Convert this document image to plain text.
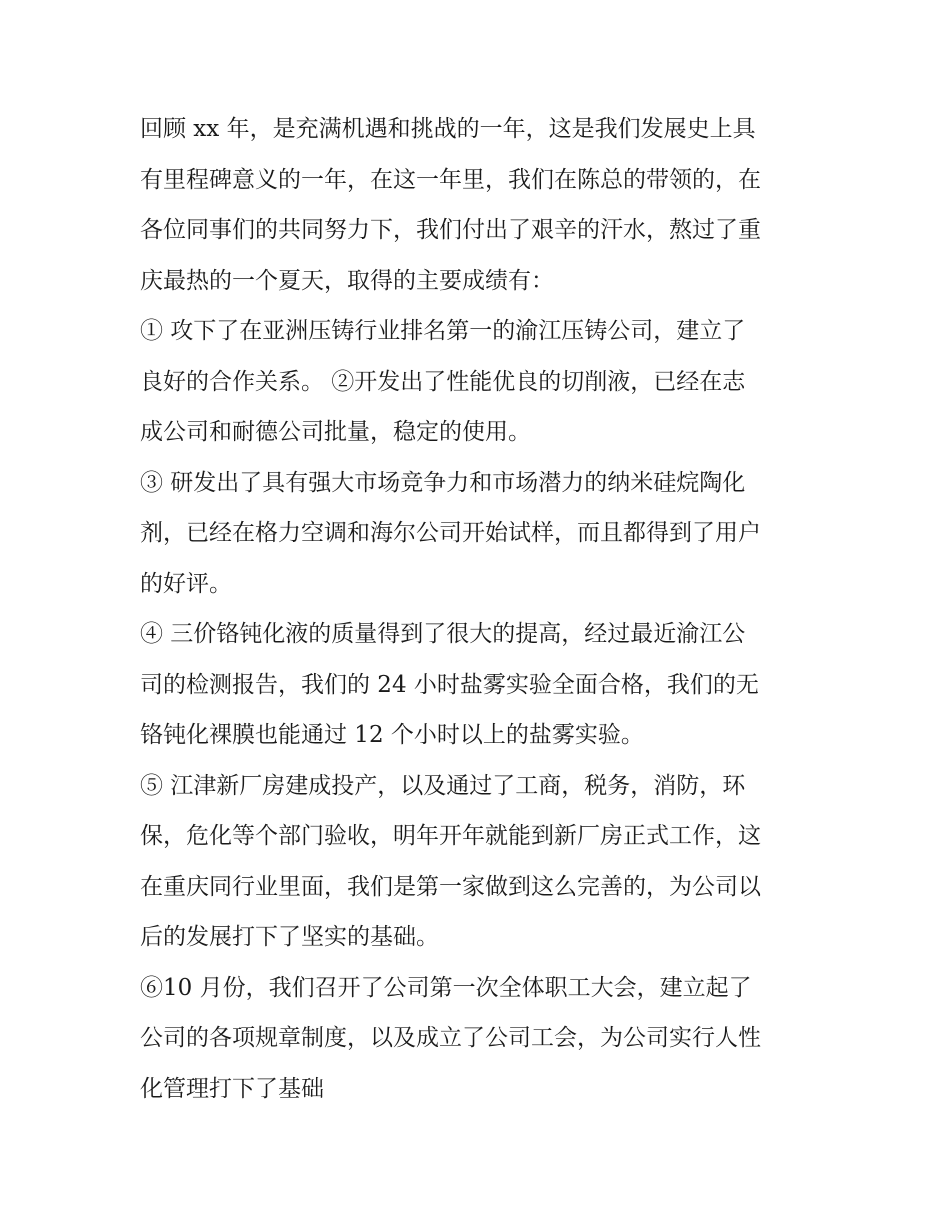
回顾 xx 年，是充满机遇和挑战的一年，这是我们发展史上具
有里程碑意义的一年，在这一年里，我们在陈总的带领的，在
各位同事们的共同努力下，我们付出了艰辛的汗水，熬过了重
庆最热的一个夏天，取得的主要成绩有：
① 攻下了在亚洲压铸行业排名第一的渝江压铸公司，建立了
良好的合作关系。 ②开发出了性能优良的切削液，已经在志
成公司和耐德公司批量，稳定的使用。
③ 研发出了具有强大市场竞争力和市场潜力的纳米硅烷陶化
剂，已经在格力空调和海尔公司开始试样，而且都得到了用户
的好评。
④ 三价铬钝化液的质量得到了很大的提高，经过最近渝江公
司的检测报告，我们的 24 小时盐雾实验全面合格，我们的无
铬钝化裸膜也能通过 12 个小时以上的盐雾实验。
⑤ 江津新厂房建成投产，以及通过了工商，税务，消防，环
保，危化等个部门验收，明年开年就能到新厂房正式工作，这
在重庆同行业里面，我们是第一家做到这么完善的，为公司以
后的发展打下了坚实的基础。
⑥10 月份，我们召开了公司第一次全体职工大会，建立起了
公司的各项规章制度，以及成立了公司工会，为公司实行人性
化管理打下了基础
